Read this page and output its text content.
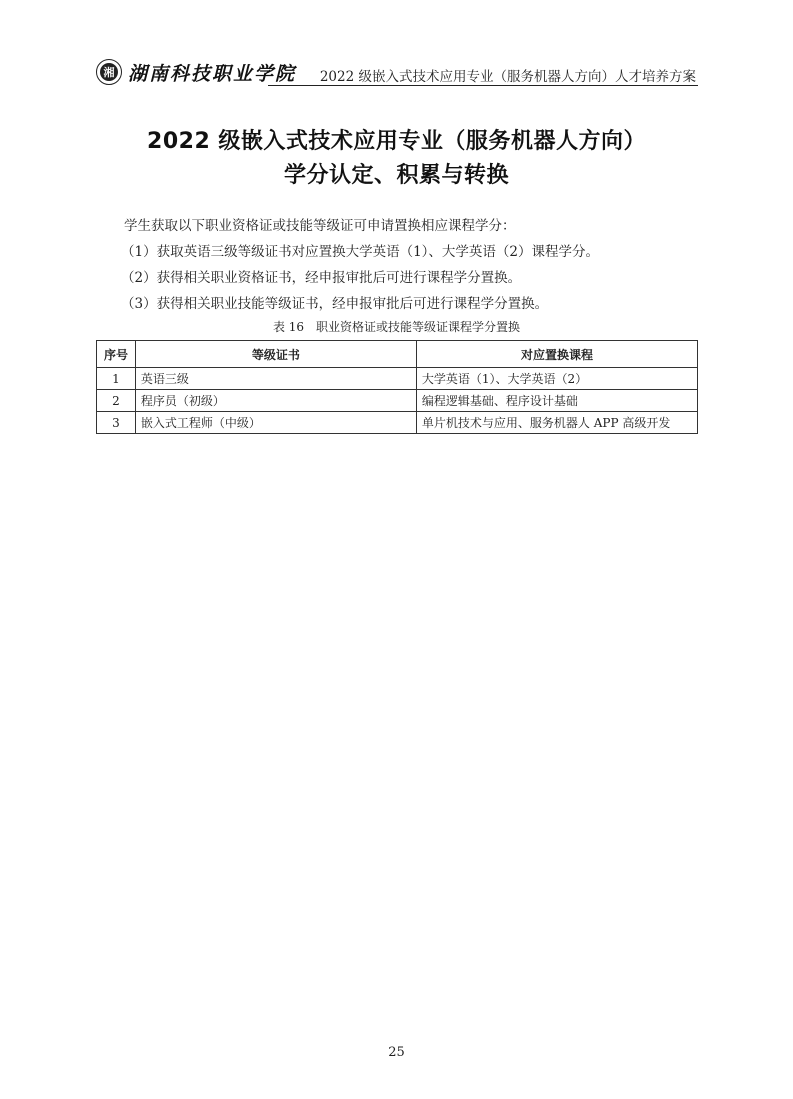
湘 湖南科技职业学院 2022 级嵌入式技术应用专业（服务机器人方向）人才培养方案
2022 级嵌入式技术应用专业（服务机器人方向）
学分认定、积累与转换
学生获取以下职业资格证或技能等级证可申请置换相应课程学分：
（1）获取英语三级等级证书对应置换大学英语（1）、大学英语（2）课程学分。
（2）获得相关职业资格证书，经申报审批后可进行课程学分置换。
（3）获得相关职业技能等级证书，经申报审批后可进行课程学分置换。
表 16　职业资格证或技能等级证课程学分置换
序号	等级证书	对应置换课程
1	英语三级	大学英语（1）、大学英语（2）
2	程序员（初级）	编程逻辑基础、程序设计基础
3	嵌入式工程师（中级）	单片机技术与应用、服务机器人 APP 高级开发
25
